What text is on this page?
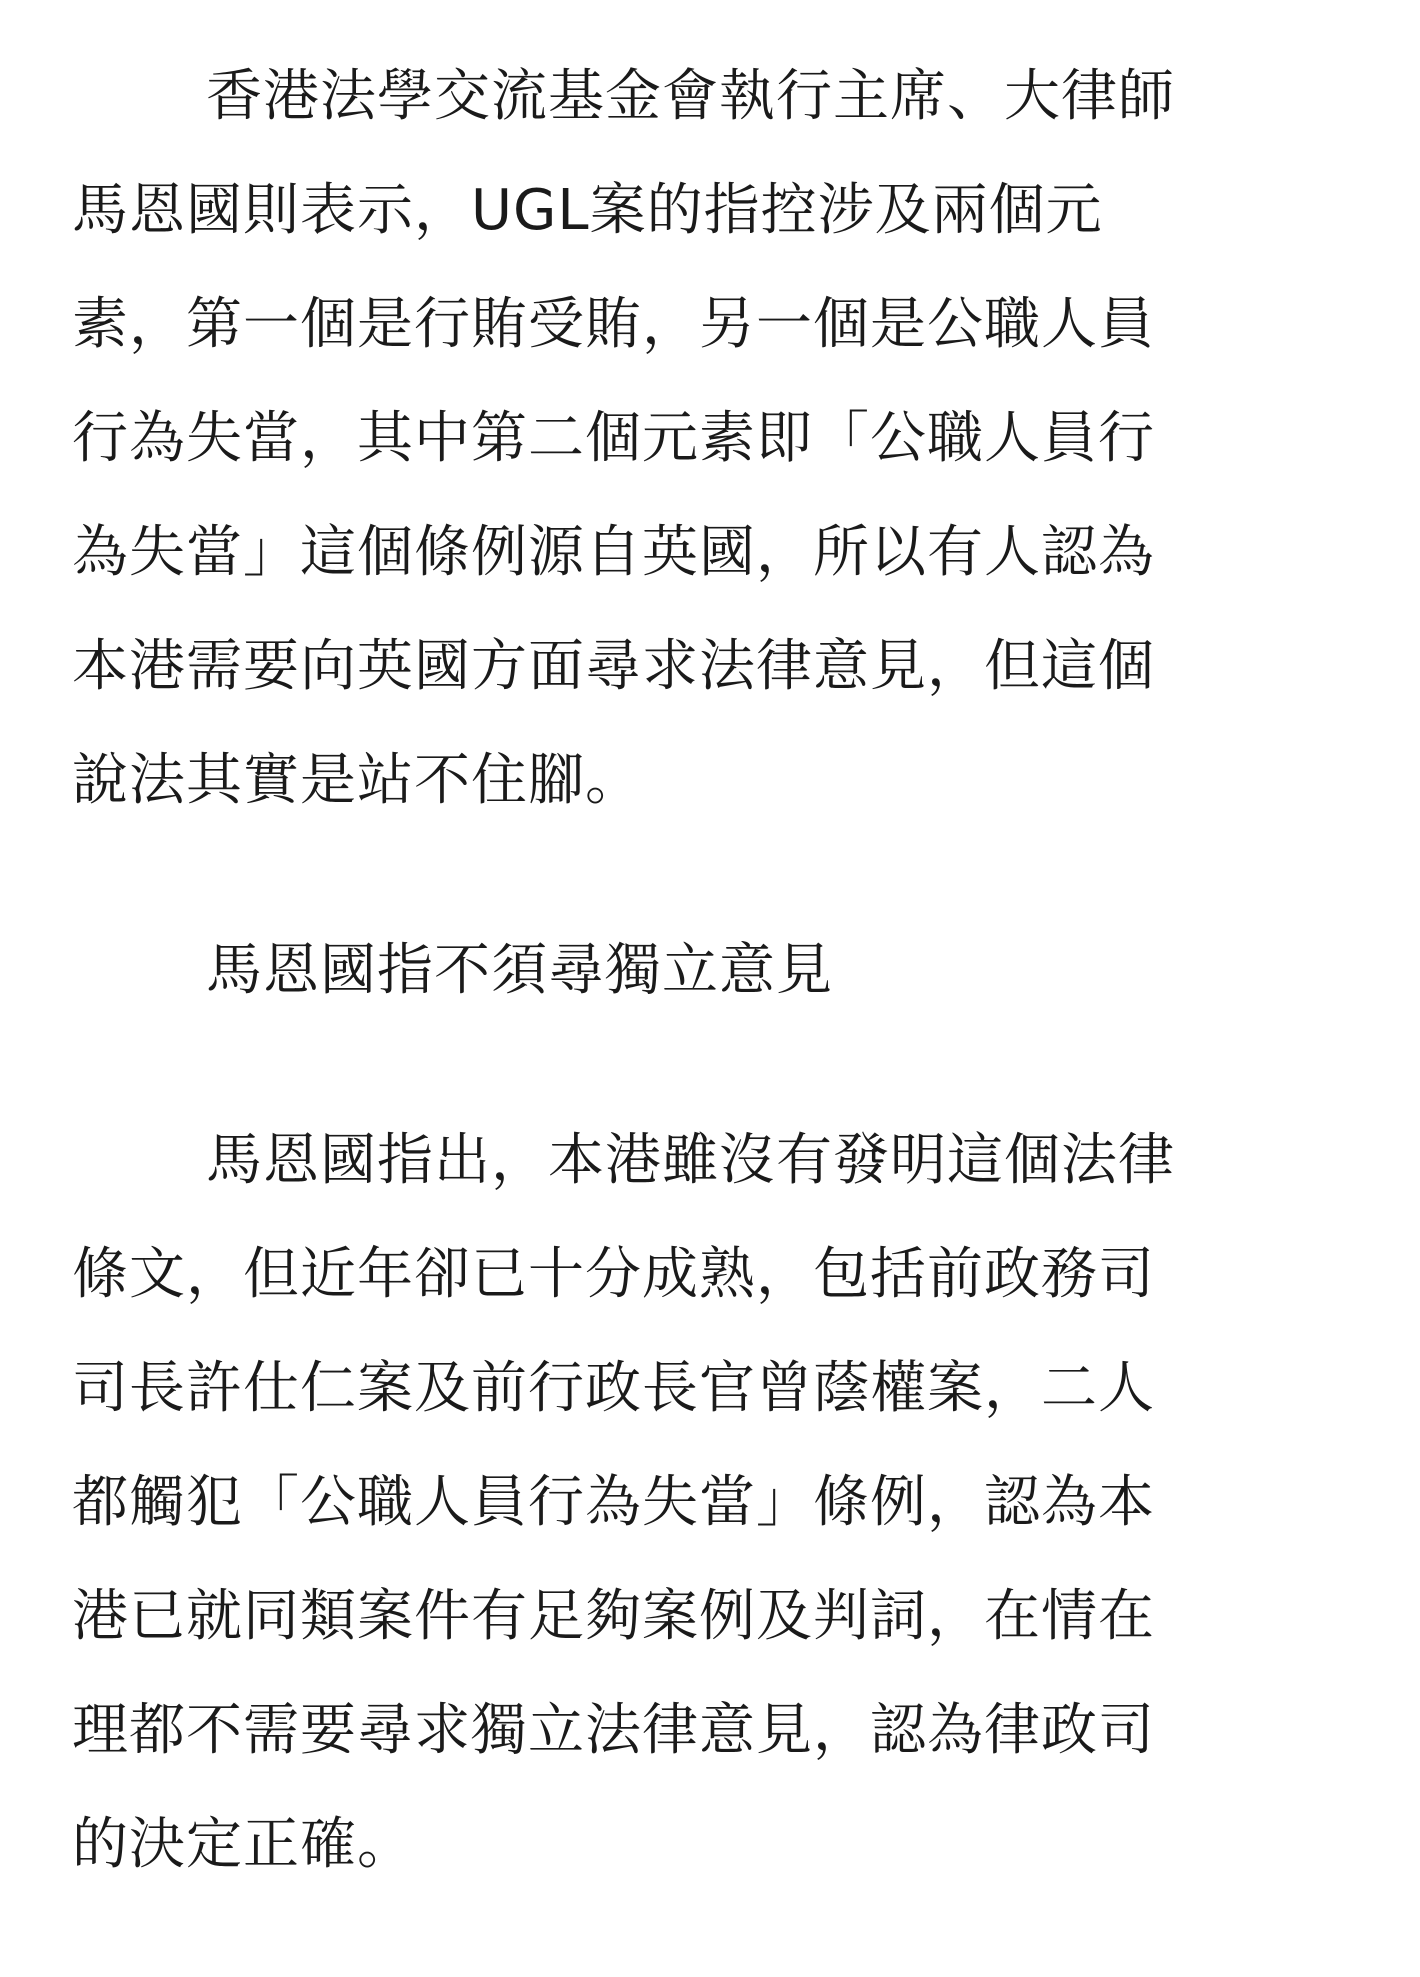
香港法學交流基金會執行主席、大律師
馬恩國則表示，UGL案的指控涉及兩個元
素，第一個是行賄受賄，另一個是公職人員
行為失當，其中第二個元素即「公職人員行
為失當」這個條例源自英國，所以有人認為
本港需要向英國方面尋求法律意見，但這個
說法其實是站不住腳。
馬恩國指不須尋獨立意見
馬恩國指出，本港雖沒有發明這個法律
條文，但近年卻已十分成熟，包括前政務司
司長許仕仁案及前行政長官曾蔭權案，二人
都觸犯「公職人員行為失當」條例，認為本
港已就同類案件有足夠案例及判詞，在情在
理都不需要尋求獨立法律意見，認為律政司
的決定正確。
